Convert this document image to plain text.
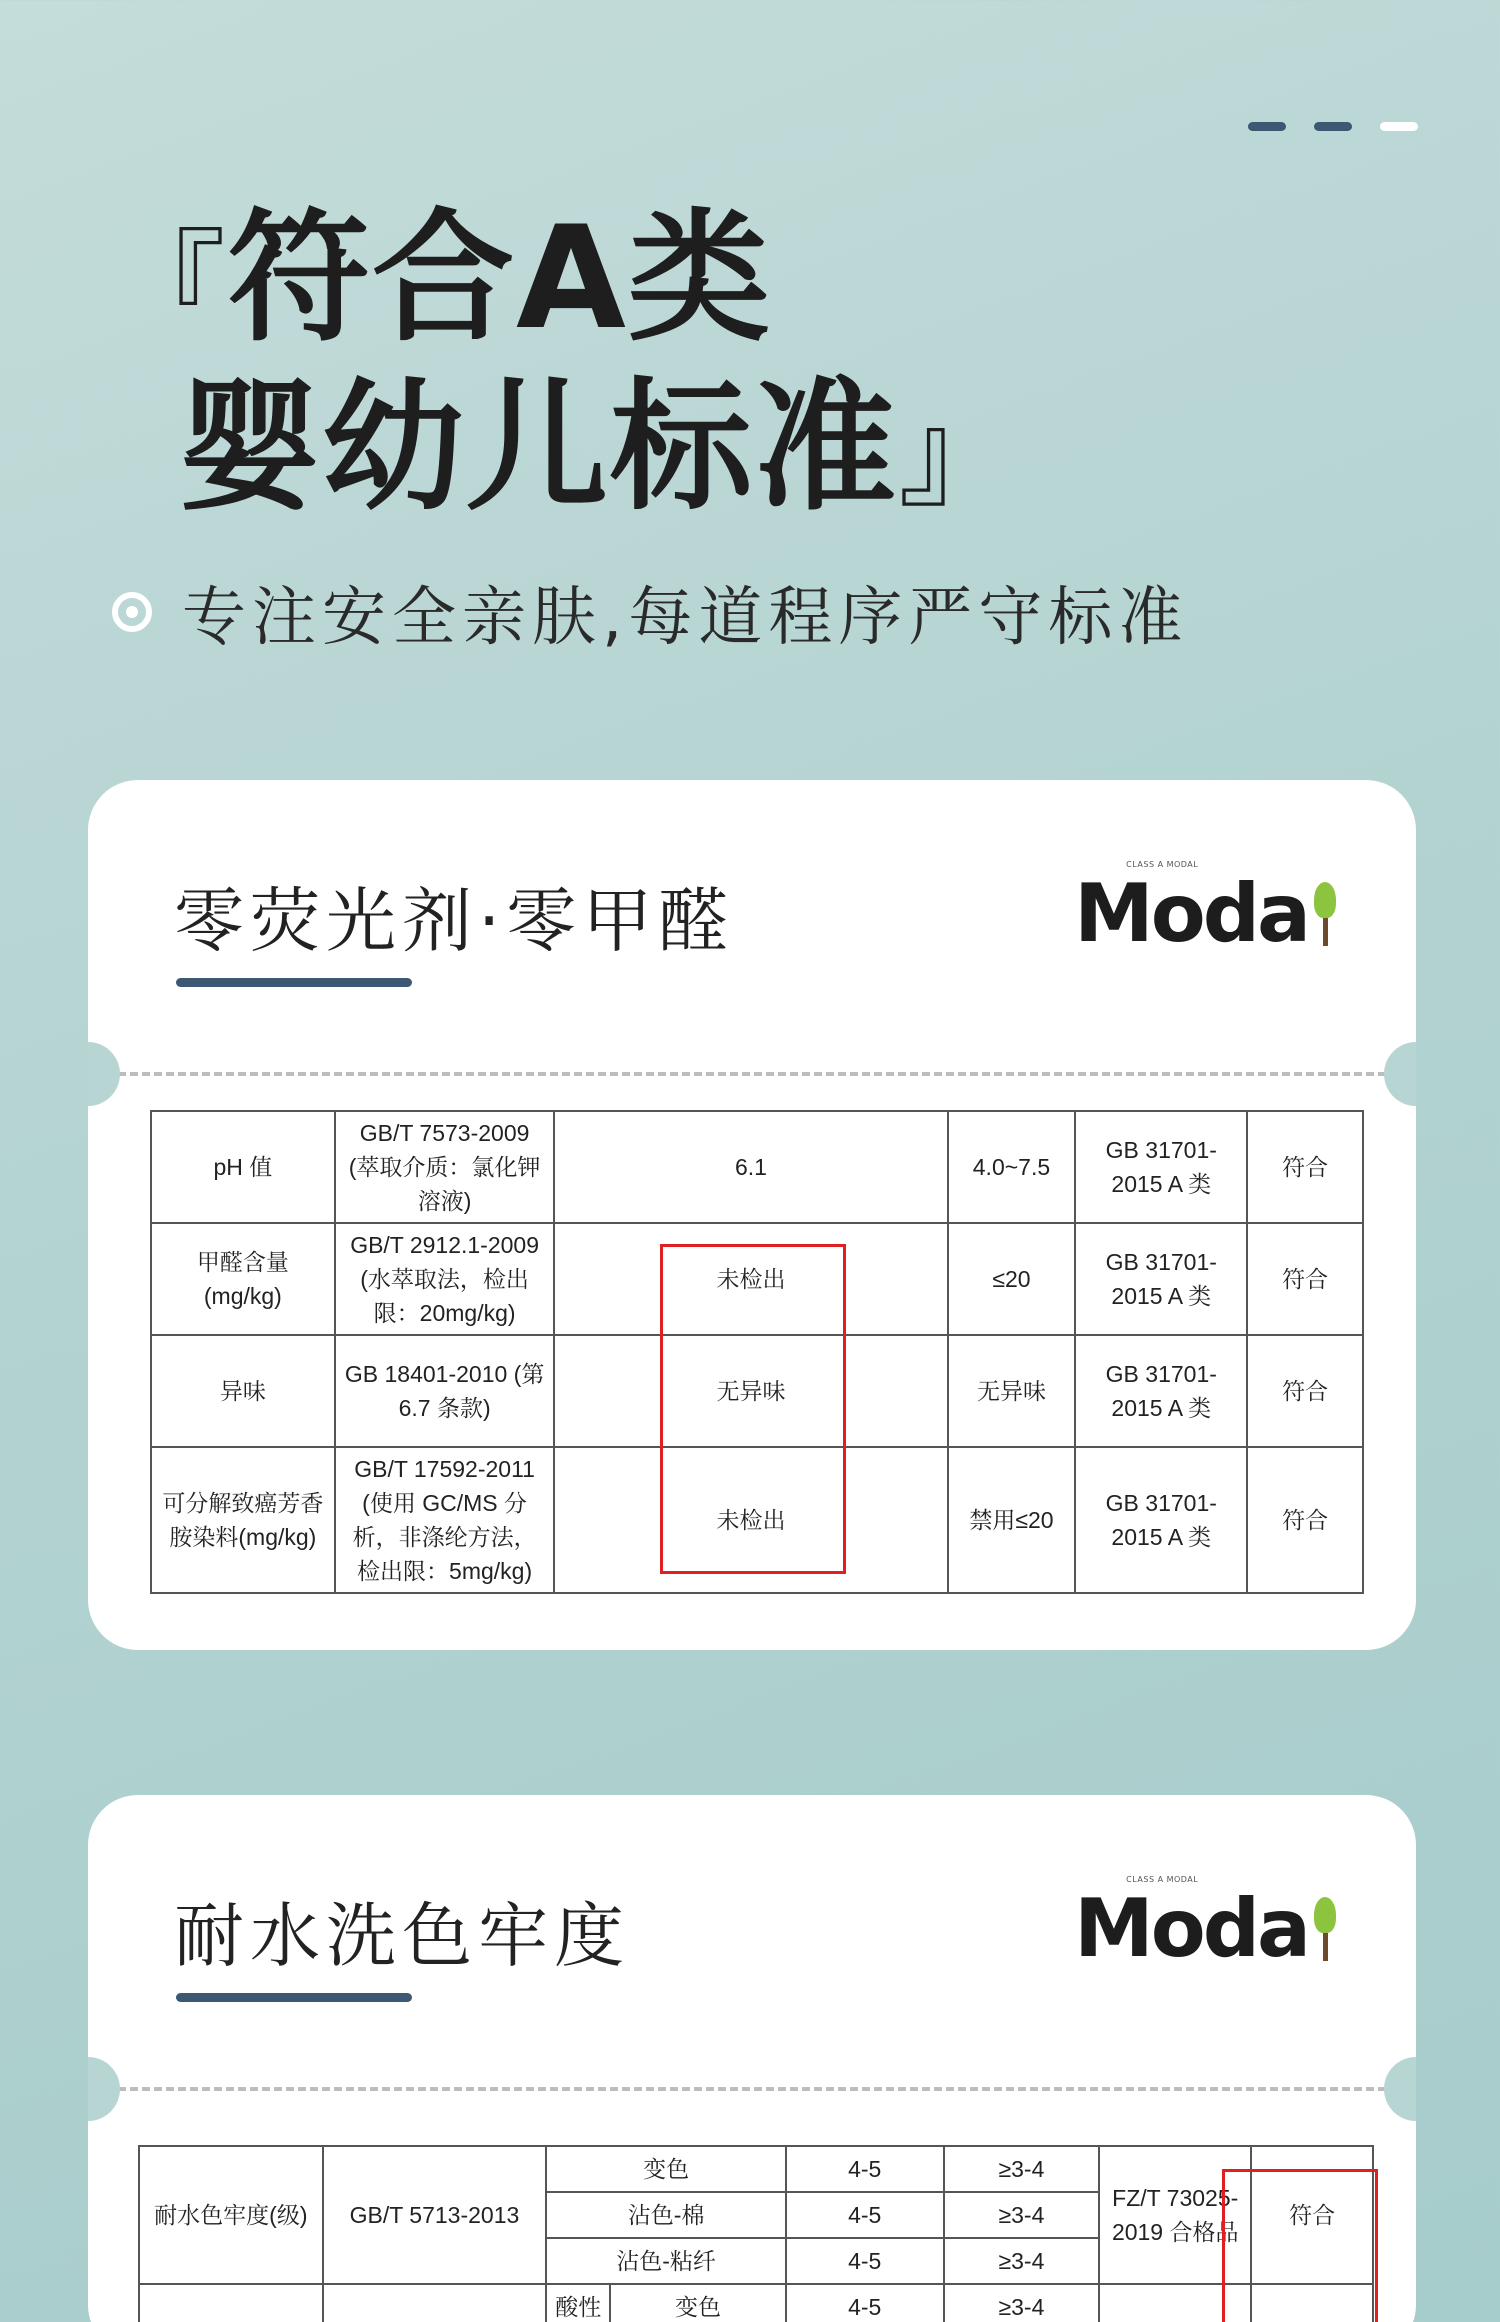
『符合A类
婴幼儿标准』
专注安全亲肤,每道程序严守标准
零荧光剂·零甲醛
CLASS A MODAL
Moda
pH 值	GB/T 7573-2009 (萃取介质：氯化钾溶液)	6.1	4.0~7.5	GB 31701-2015 A 类	符合
甲醛含量 (mg/kg)	GB/T 2912.1-2009 (水萃取法，检出限：20mg/kg)	未检出	≤20	GB 31701-2015 A 类	符合
异味	GB 18401-2010 (第 6.7 条款)	无异味	无异味	GB 31701-2015 A 类	符合
可分解致癌芳香胺染料(mg/kg)	GB/T 17592-2011 (使用 GC/MS 分析，非涤纶方法，检出限：5mg/kg)	未检出	禁用≤20	GB 31701-2015 A 类	符合
耐水洗色牢度
CLASS A MODAL
Moda
耐水色牢度(级)	GB/T 5713-2013	变色		4-5	≥3-4	FZ/T 73025-2019 合格品	符合
		沾色-棉		4-5	≥3-4		
		沾色-粘纤		4-5	≥3-4		
		酸性	变色	4-5	≥3-4		
